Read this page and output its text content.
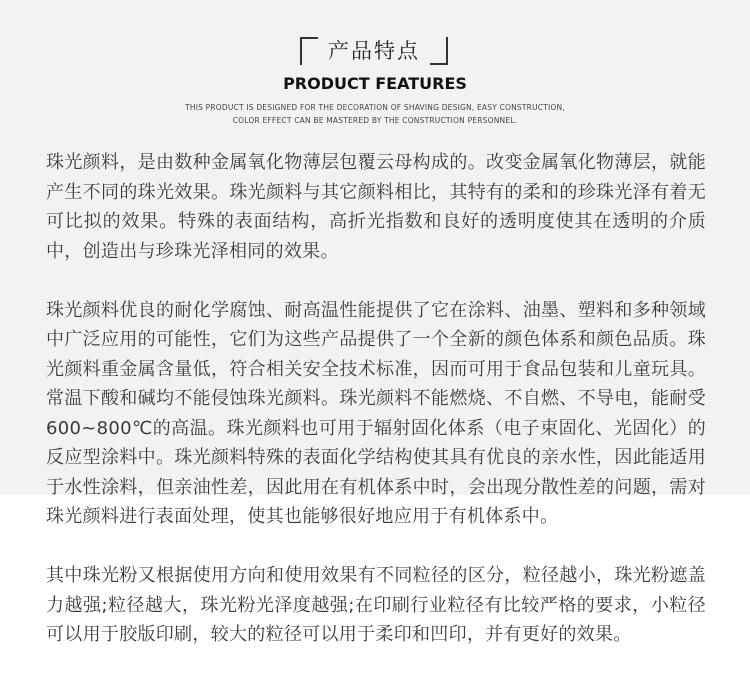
产品特点
PRODUCT FEATURES
THIS PRODUCT IS DESIGNED FOR THE DECORATION OF SHAVING DESIGN, EASY CONSTRUCTION,
COLOR EFFECT CAN BE MASTERED BY THE CONSTRUCTION PERSONNEL.

珠光颜料，是由数种金属氧化物薄层包覆云母构成的。改变金属氧化物薄层，就能产生不同的珠光效果。珠光颜料与其它颜料相比，其特有的柔和的珍珠光泽有着无可比拟的效果。特殊的表面结构，高折光指数和良好的透明度使其在透明的介质中，创造出与珍珠光泽相同的效果。

珠光颜料优良的耐化学腐蚀、耐高温性能提供了它在涂料、油墨、塑料和多种领域中广泛应用的可能性，它们为这些产品提供了一个全新的颜色体系和颜色品质。珠光颜料重金属含量低，符合相关安全技术标准，因而可用于食品包装和儿童玩具。常温下酸和碱均不能侵蚀珠光颜料。珠光颜料不能燃烧、不自燃、不导电，能耐受600~800℃的高温。珠光颜料也可用于辐射固化体系（电子束固化、光固化）的反应型涂料中。珠光颜料特殊的表面化学结构使其具有优良的亲水性，因此能适用于水性涂料，但亲油性差，因此用在有机体系中时，会出现分散性差的问题，需对珠光颜料进行表面处理，使其也能够很好地应用于有机体系中。

其中珠光粉又根据使用方向和使用效果有不同粒径的区分，粒径越小，珠光粉遮盖力越强;粒径越大，珠光粉光泽度越强;在印刷行业粒径有比较严格的要求，小粒径可以用于胶版印刷，较大的粒径可以用于柔印和凹印，并有更好的效果。
